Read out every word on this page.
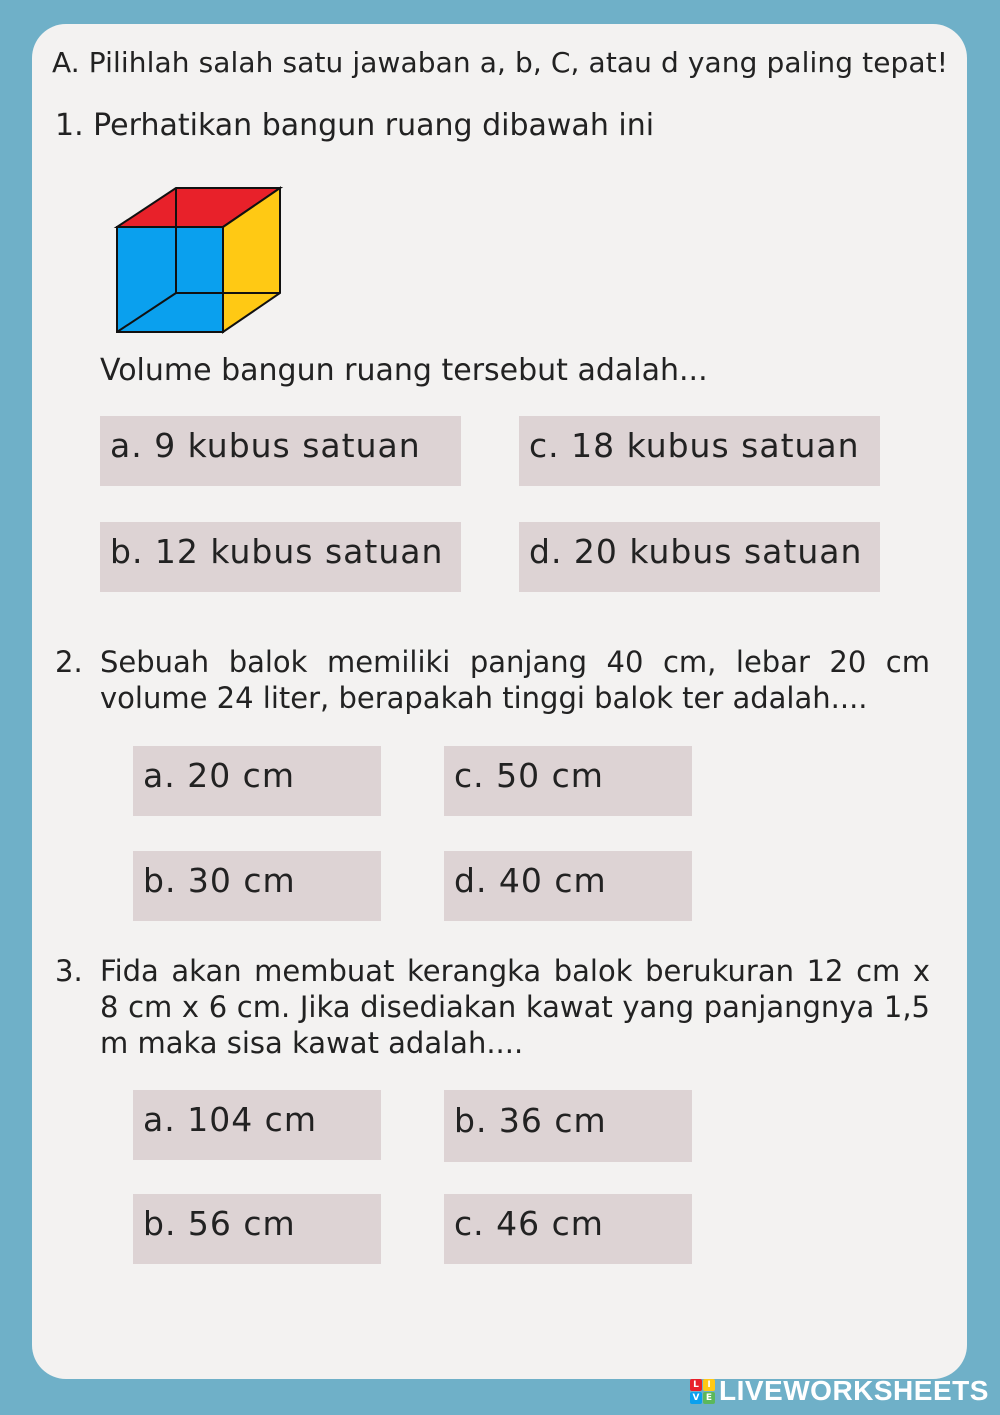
A. Pilihlah salah satu jawaban a, b, C, atau d yang paling tepat!
1. Perhatikan bangun ruang dibawah ini
Volume bangun ruang tersebut adalah...
a. 9 kubus satuan	c. 18 kubus satuan
b. 12 kubus satuan	d. 20 kubus satuan
2. Sebuah balok memiliki panjang 40 cm, lebar 20 cm volume 24 liter, berapakah tinggi balok ter adalah....
a. 20 cm	c. 50 cm
b. 30 cm	d. 40 cm
3. Fida akan membuat kerangka balok berukuran 12 cm x 8 cm x 6 cm. Jika disediakan kawat yang panjangnya 1,5 m maka sisa kawat adalah....
a. 104 cm	b. 36 cm
b. 56 cm	c. 46 cm
L I
V E LIVEWORKSHEETS
